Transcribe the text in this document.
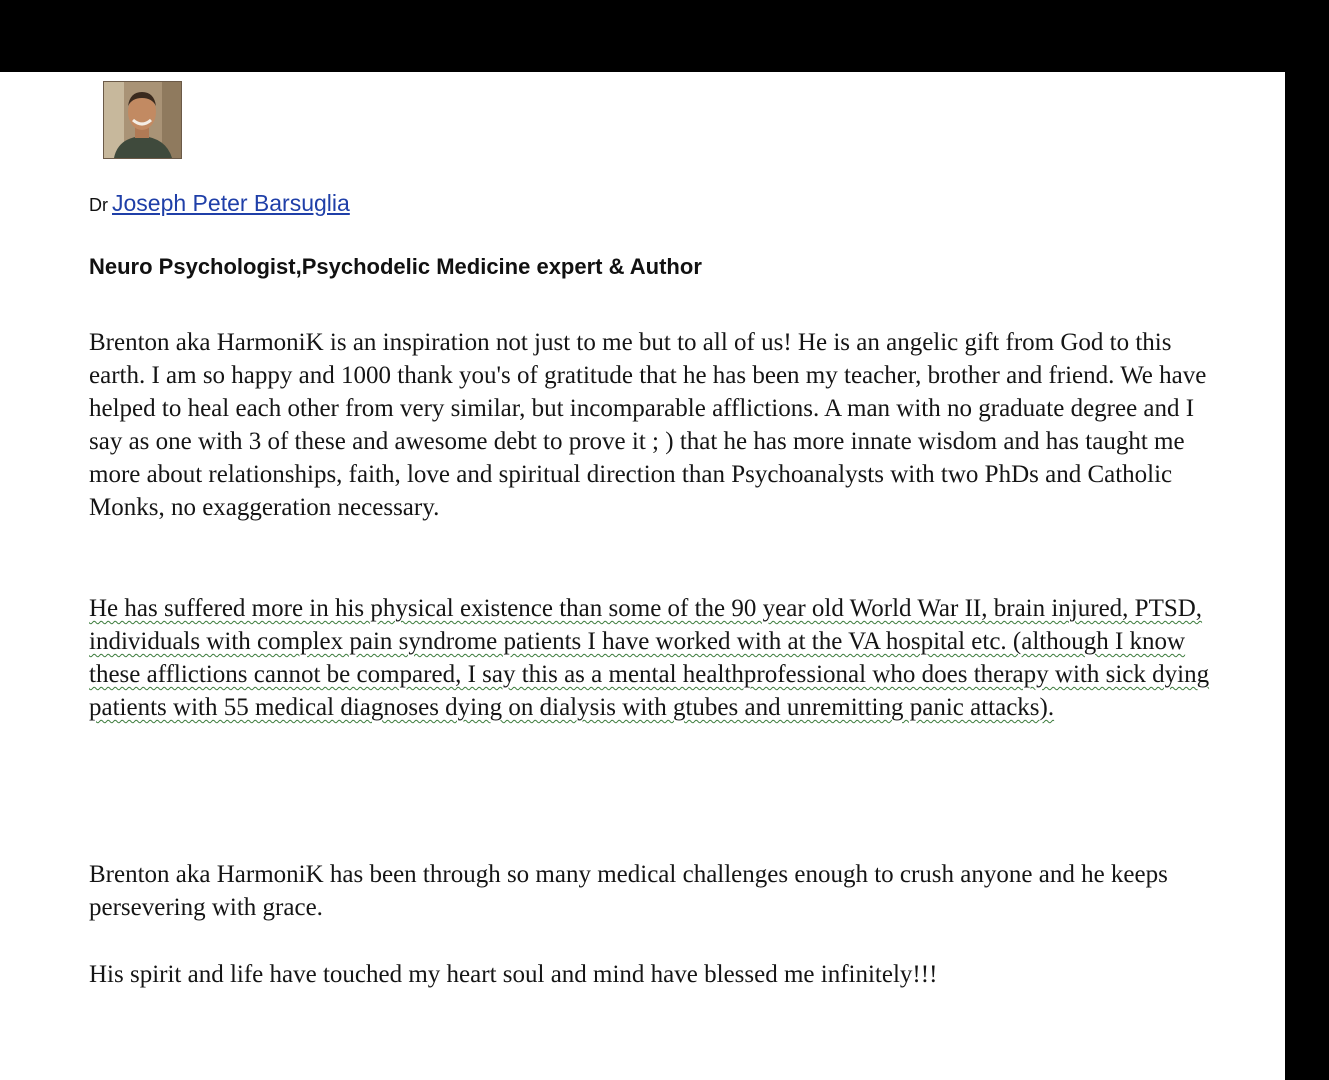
Dr Joseph Peter Barsuglia
Neuro Psychologist,Psychodelic Medicine expert & Author

Brenton aka HarmoniK is an inspiration not just to me but to all of us! He is an angelic gift from God to this earth. I am so happy and 1000 thank you's of gratitude that he has been my teacher, brother and friend. We have helped to heal each other from very similar, but incomparable afflictions. A man with no graduate degree and I say as one with 3 of these and awesome debt to prove it ; ) that he has more innate wisdom and has taught me more about relationships, faith, love and spiritual direction than Psychoanalysts with two PhDs and Catholic Monks, no exaggeration necessary.

He has suffered more in his physical existence than some of the 90 year old World War II, brain injured, PTSD, individuals with complex pain syndrome patients I have worked with at the VA hospital etc. (although I know these afflictions cannot be compared, I say this as a mental healthprofessional who does therapy with sick dying patients with 55 medical diagnoses dying on dialysis with gtubes and unremitting panic attacks).

Brenton aka HarmoniK has been through so many medical challenges enough to crush anyone and he keeps persevering with grace.

His spirit and life have touched my heart soul and mind have blessed me infinitely!!!
